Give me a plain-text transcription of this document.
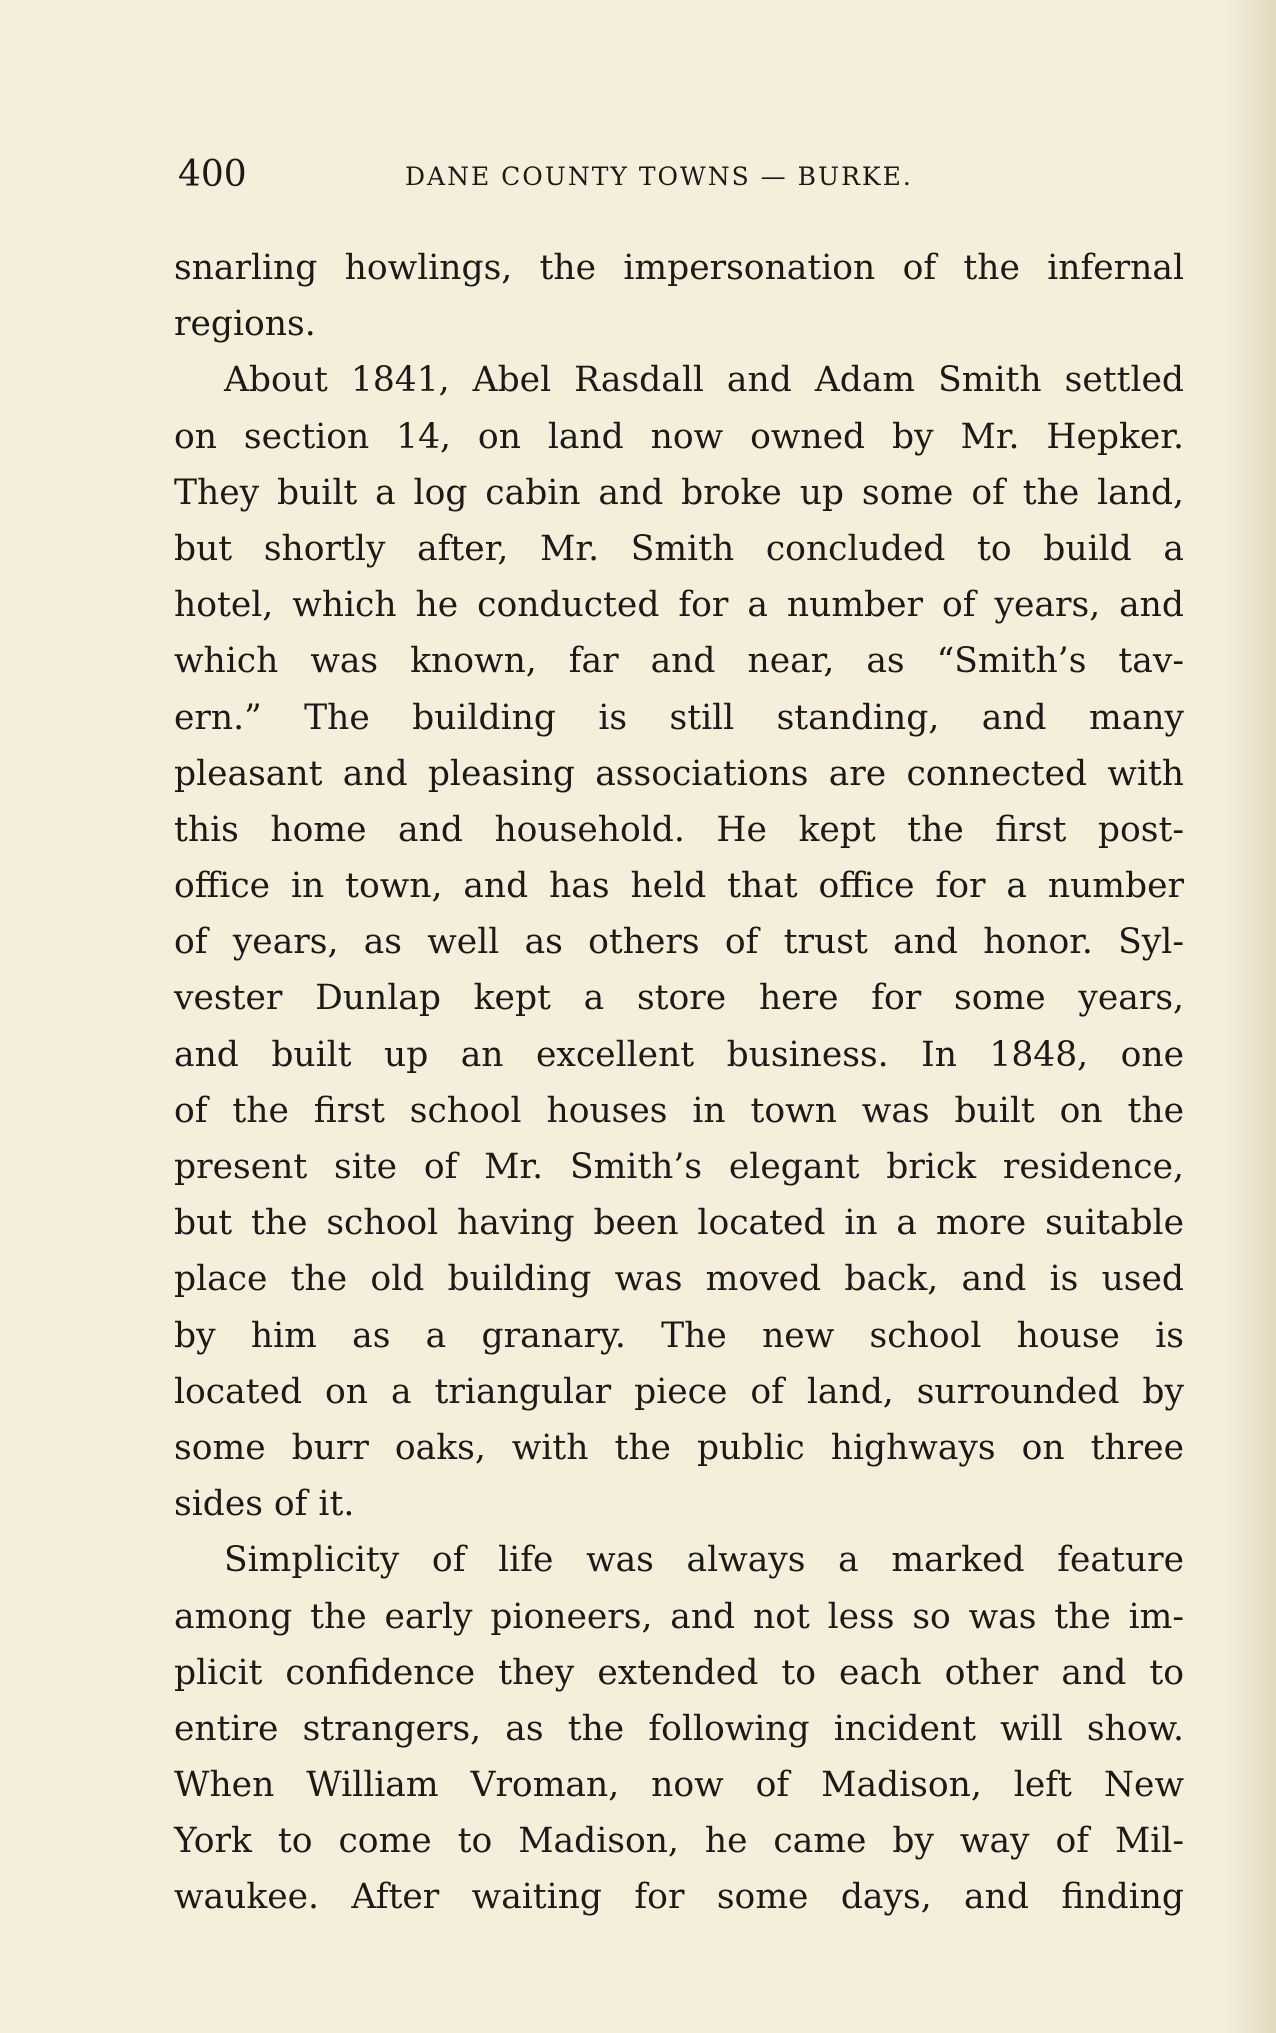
400	DANE COUNTY TOWNS — BURKE.
snarling howlings, the impersonation of the infernal
regions.
About 1841, Abel Rasdall and Adam Smith settled
on section 14, on land now owned by Mr. Hepker.
They built a log cabin and broke up some of the land,
but shortly after, Mr. Smith concluded to build a
hotel, which he conducted for a number of years, and
which was known, far and near, as “Smith’s tav-
ern.” The building is still standing, and many
pleasant and pleasing associations are connected with
this home and household. He kept the first post-
office in town, and has held that office for a number
of years, as well as others of trust and honor. Syl-
vester Dunlap kept a store here for some years,
and built up an excellent business. In 1848, one
of the first school houses in town was built on the
present site of Mr. Smith’s elegant brick residence,
but the school having been located in a more suitable
place the old building was moved back, and is used
by him as a granary. The new school house is
located on a triangular piece of land, surrounded by
some burr oaks, with the public highways on three
sides of it.
Simplicity of life was always a marked feature
among the early pioneers, and not less so was the im-
plicit confidence they extended to each other and to
entire strangers, as the following incident will show.
When William Vroman, now of Madison, left New
York to come to Madison, he came by way of Mil-
waukee. After waiting for some days, and finding
